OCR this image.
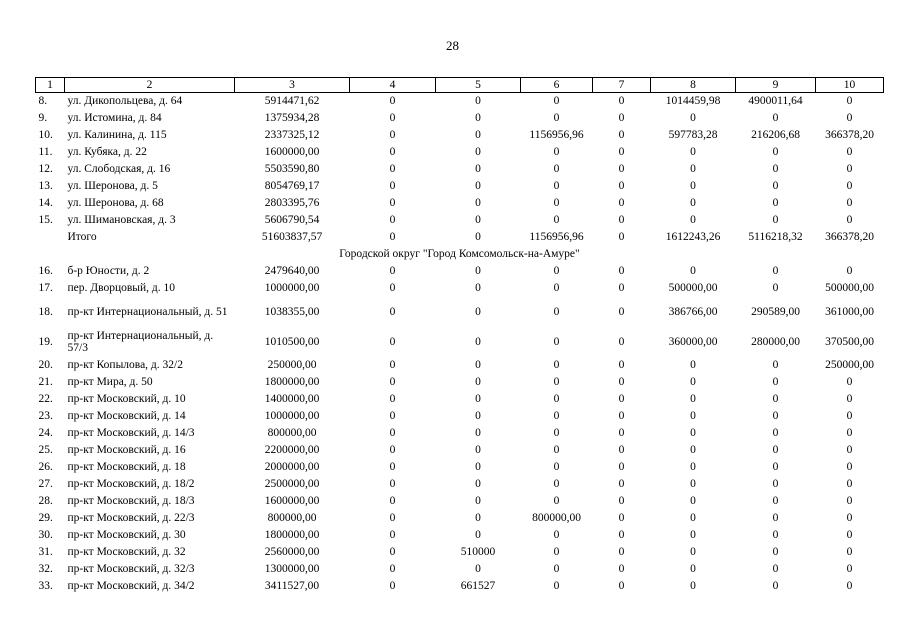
28
1	2	3	4	5	6	7	8	9	10
8.	ул. Дикопольцева, д. 64	5914471,62	0	0	0	0	1014459,98	4900011,64	0
9.	ул. Истомина, д. 84	1375934,28	0	0	0	0	0	0	0
10.	ул. Калинина, д. 115	2337325,12	0	0	1156956,96	0	597783,28	216206,68	366378,20
11.	ул. Кубяка, д. 22	1600000,00	0	0	0	0	0	0	0
12.	ул. Слободская, д. 16	5503590,80	0	0	0	0	0	0	0
13.	ул. Шеронова, д. 5	8054769,17	0	0	0	0	0	0	0
14.	ул. Шеронова, д. 68	2803395,76	0	0	0	0	0	0	0
15.	ул. Шимановская, д. 3	5606790,54	0	0	0	0	0	0	0
	Итого	51603837,57	0	0	1156956,96	0	1612243,26	5116218,32	366378,20
Городской округ "Город Комсомольск-на-Амуре"									
16.	б-р Юности, д. 2	2479640,00	0	0	0	0	0	0	0
17.	пер. Дворцовый, д. 10	1000000,00	0	0	0	0	500000,00	0	500000,00
18.	пр-кт Интернациональный, д. 51	1038355,00	0	0	0	0	386766,00	290589,00	361000,00
19.	пр-кт Интернациональный, д. 57/3	1010500,00	0	0	0	0	360000,00	280000,00	370500,00
20.	пр-кт Копылова, д. 32/2	250000,00	0	0	0	0	0	0	250000,00
21.	пр-кт Мира, д. 50	1800000,00	0	0	0	0	0	0	0
22.	пр-кт Московский, д. 10	1400000,00	0	0	0	0	0	0	0
23.	пр-кт Московский, д. 14	1000000,00	0	0	0	0	0	0	0
24.	пр-кт Московский, д. 14/3	800000,00	0	0	0	0	0	0	0
25.	пр-кт Московский, д. 16	2200000,00	0	0	0	0	0	0	0
26.	пр-кт Московский, д. 18	2000000,00	0	0	0	0	0	0	0
27.	пр-кт Московский, д. 18/2	2500000,00	0	0	0	0	0	0	0
28.	пр-кт Московский, д. 18/3	1600000,00	0	0	0	0	0	0	0
29.	пр-кт Московский, д. 22/3	800000,00	0	0	800000,00	0	0	0	0
30.	пр-кт Московский, д. 30	1800000,00	0	0	0	0	0	0	0
31.	пр-кт Московский, д. 32	2560000,00	0	510000	0	0	0	0	0
32.	пр-кт Московский, д. 32/3	1300000,00	0	0	0	0	0	0	0
33.	пр-кт Московский, д. 34/2	3411527,00	0	661527	0	0	0	0	0
